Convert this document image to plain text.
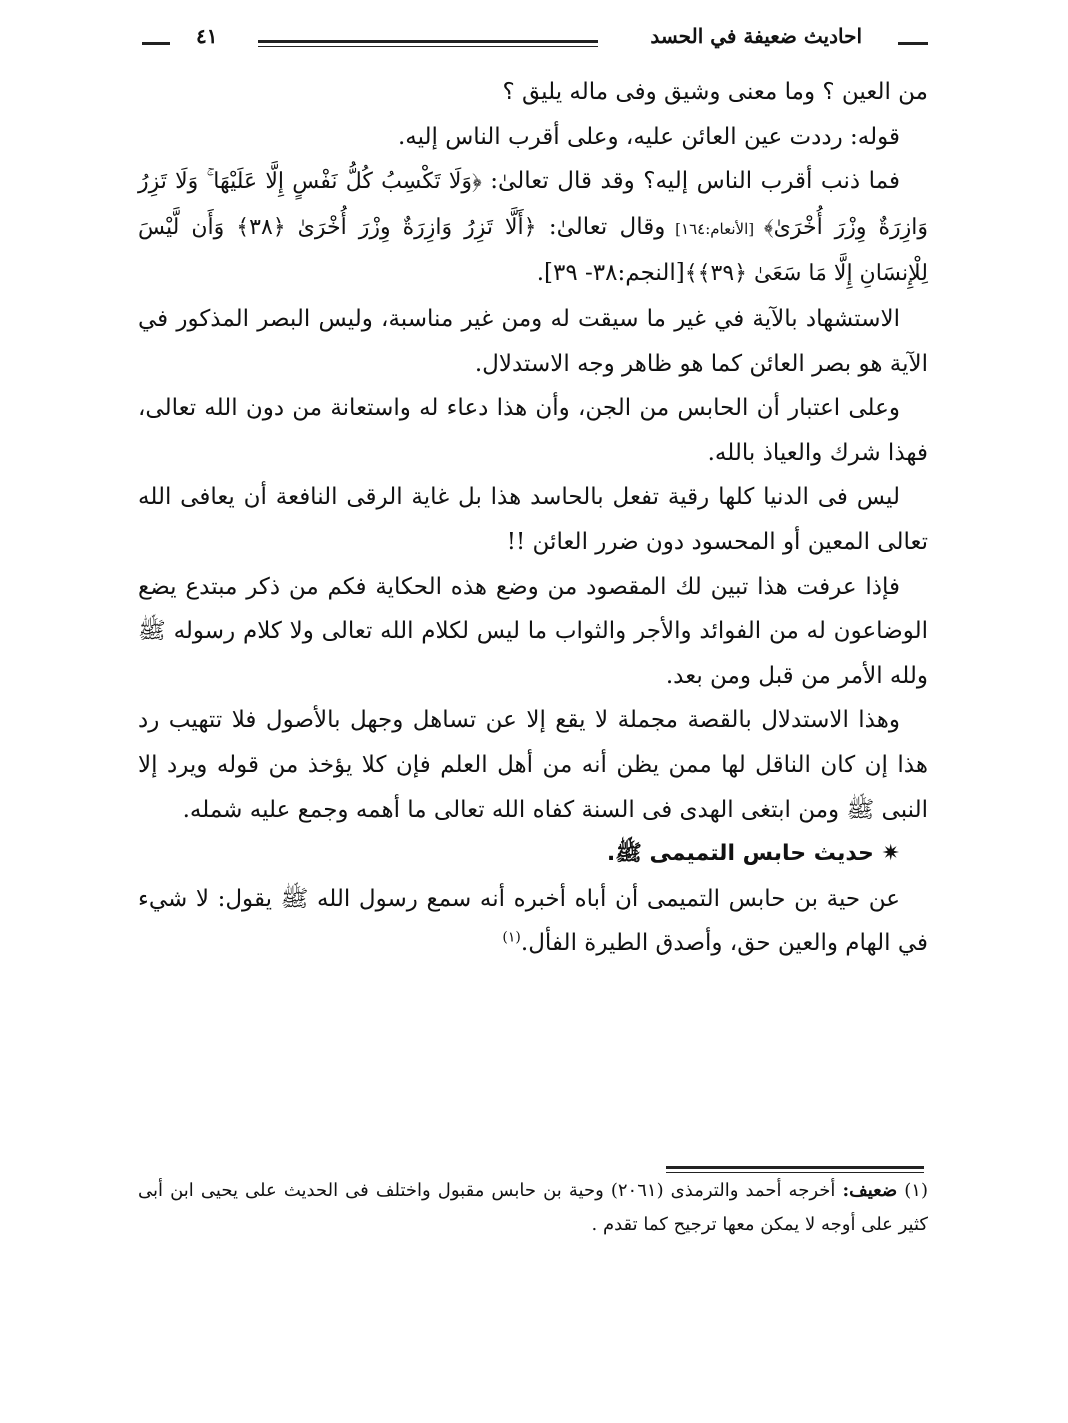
احاديث ضعيفة في الحسد
٤١

من العين ؟ وما معنى وشيق وفى ماله يليق ؟

قوله: رددت عين العائن عليه، وعلى أقرب الناس إليه.

فما ذنب أقرب الناس إليه؟ وقد قال تعالىٰ: ﴿وَلَا تَكْسِبُ كُلُّ نَفْسٍ إِلَّا عَلَيْهَا ۚ وَلَا تَزِرُ وَازِرَةٌ وِزْرَ أُخْرَىٰ﴾ [الأنعام:١٦٤] وقال تعالىٰ: ﴿أَلَّا تَزِرُ وَازِرَةٌ وِزْرَ أُخْرَىٰ ﴿٣٨﴾ وَأَن لَّيْسَ لِلْإِنسَانِ إِلَّا مَا سَعَىٰ ﴿٣٩﴾﴾[النجم:٣٨- ٣٩].

الاستشهاد بالآية في غير ما سيقت له ومن غير مناسبة، وليس البصر المذكور في الآية هو بصر العائن كما هو ظاهر وجه الاستدلال.

وعلى اعتبار أن الحابس من الجن، وأن هذا دعاء له واستعانة من دون الله تعالى، فهذا شرك والعياذ بالله.

ليس فى الدنيا كلها رقية تفعل بالحاسد هذا بل غاية الرقى النافعة أن يعافى الله تعالى المعين أو المحسود دون ضرر العائن !!

فإذا عرفت هذا تبين لك المقصود من وضع هذه الحكاية فكم من ذكر مبتدع يضع الوضاعون له من الفوائد والأجر والثواب ما ليس لكلام الله تعالى ولا كلام رسوله ﷺ ولله الأمر من قبل ومن بعد.

وهذا الاستدلال بالقصة مجملة لا يقع إلا عن تساهل وجهل بالأصول فلا تتهيب رد هذا إن كان الناقل لها ممن يظن أنه من أهل العلم فإن كلا يؤخذ من قوله ويرد إلا النبى ﷺ ومن ابتغى الهدى فى السنة كفاه الله تعالى ما أهمه وجمع عليه شمله.

✷ حديث حابس التميمى ﷺ.

عن حية بن حابس التميمى أن أباه أخبره أنه سمع رسول الله ﷺ يقول: لا شيء في الهام والعين حق، وأصدق الطيرة الفأل.$^{(١)}$

(١) ضعيف: أخرجه أحمد والترمذى (٢٠٦١) وحية بن حابس مقبول واختلف فى الحديث على يحيى ابن أبى كثير على أوجه لا يمكن معها ترجيح كما تقدم .
